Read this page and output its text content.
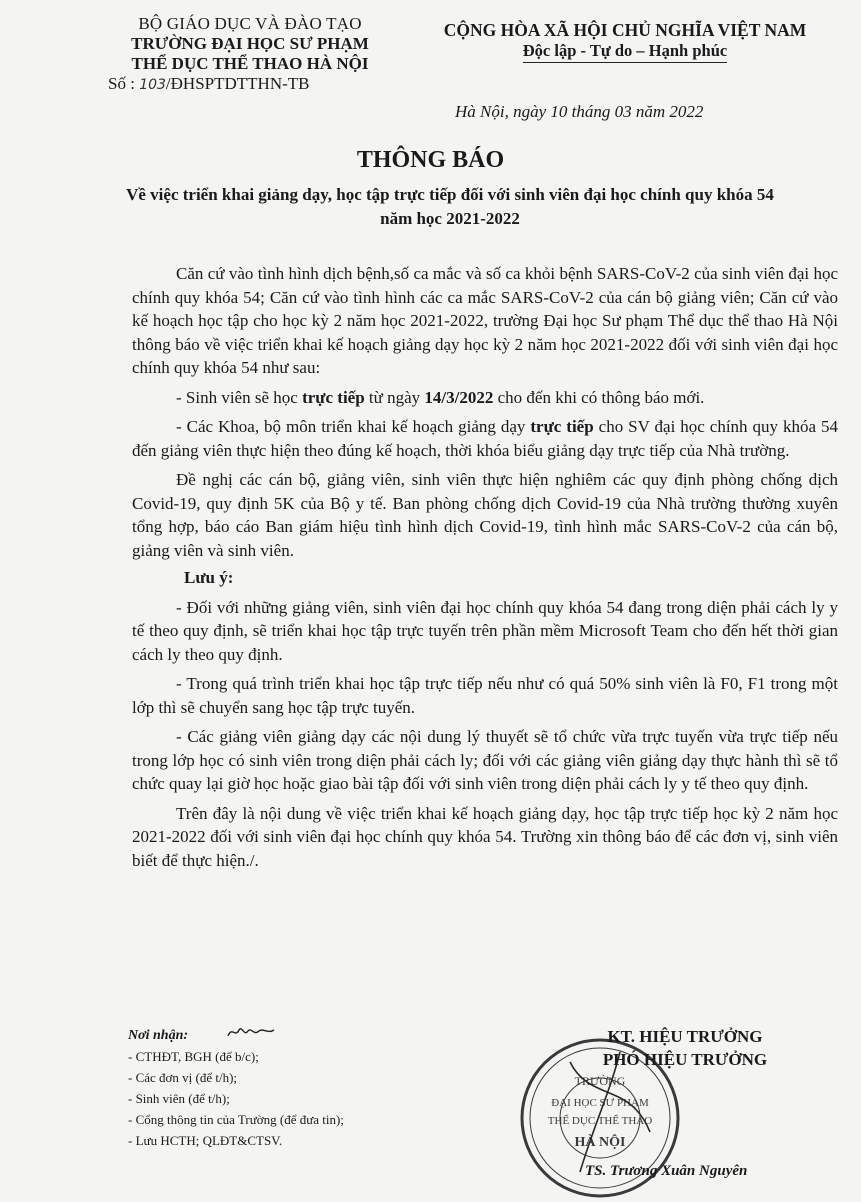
BỘ GIÁO DỤC VÀ ĐÀO TẠO
TRƯỜNG ĐẠI HỌC SƯ PHẠM
THỂ DỤC THỂ THAO HÀ NỘI
Số : 103/ĐHSPTDTTHN-TB
CỘNG HÒA XÃ HỘI CHỦ NGHĨA VIỆT NAM
Độc lập - Tự do – Hạnh phúc
Hà Nội, ngày 10 tháng 03 năm 2022
THÔNG BÁO
Về việc triển khai giảng dạy, học tập trực tiếp đối với sinh viên đại học chính quy khóa 54 năm học 2021-2022

Căn cứ vào tình hình dịch bệnh,số ca mắc và số ca khỏi bệnh SARS-CoV-2 của sinh viên đại học chính quy khóa 54; Căn cứ vào tình hình các ca mắc SARS-CoV-2 của cán bộ giảng viên; Căn cứ vào kế hoạch học tập cho học kỳ 2 năm học 2021-2022, trường Đại học Sư phạm Thể dục thể thao Hà Nội thông báo về việc triển khai kế hoạch giảng dạy học kỳ 2 năm học 2021-2022 đối với sinh viên đại học chính quy khóa 54 như sau:

- Sinh viên sẽ học trực tiếp từ ngày 14/3/2022 cho đến khi có thông báo mới.

- Các Khoa, bộ môn triển khai kế hoạch giảng dạy trực tiếp cho SV đại học chính quy khóa 54 đến giảng viên thực hiện theo đúng kế hoạch, thời khóa biểu giảng dạy trực tiếp của Nhà trường.

Đề nghị các cán bộ, giảng viên, sinh viên thực hiện nghiêm các quy định phòng chống dịch Covid-19, quy định 5K của Bộ y tế. Ban phòng chống dịch Covid-19 của Nhà trường thường xuyên tổng hợp, báo cáo Ban giám hiệu tình hình dịch Covid-19, tình hình mắc SARS-CoV-2 của cán bộ, giảng viên và sinh viên.

Lưu ý:

- Đối với những giảng viên, sinh viên đại học chính quy khóa 54 đang trong diện phải cách ly y tế theo quy định, sẽ triển khai học tập trực tuyến trên phần mềm Microsoft Team cho đến hết thời gian cách ly theo quy định.

- Trong quá trình triển khai học tập trực tiếp nếu như có quá 50% sinh viên là F0, F1 trong một lớp thì sẽ chuyển sang học tập trực tuyến.

- Các giảng viên giảng dạy các nội dung lý thuyết sẽ tổ chức vừa trực tuyến vừa trực tiếp nếu trong lớp học có sinh viên trong diện phải cách ly; đối với các giảng viên giảng dạy thực hành thì sẽ tổ chức quay lại giờ học hoặc giao bài tập đối với sinh viên trong diện phải cách ly y tế theo quy định.

Trên đây là nội dung về việc triển khai kế hoạch giảng dạy, học tập trực tiếp học kỳ 2 năm học 2021-2022 đối với sinh viên đại học chính quy khóa 54. Trường xin thông báo để các đơn vị, sinh viên biết để thực hiện./.

Nơi nhận:
- CTHĐT, BGH (để b/c);
- Các đơn vị (để t/h);
- Sinh viên (để t/h);
- Cổng thông tin của Trường (để đưa tin);
- Lưu HCTH; QLĐT&CTSV.
TRƯỜNG
ĐẠI HỌC SƯ PHẠM
THỂ DỤC THỂ THAO
HÀ NỘI
KT. HIỆU TRƯỞNG
PHÓ HIỆU TRƯỞNG
TS. Trương Xuân Nguyên
